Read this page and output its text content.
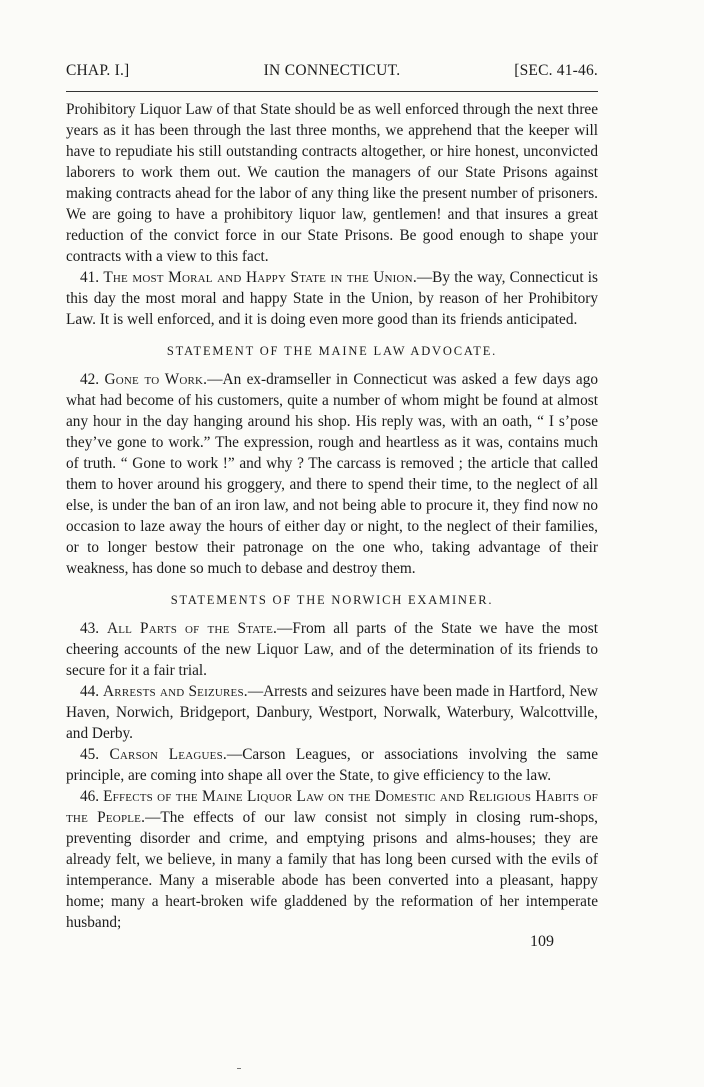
CHAP. I.]	IN CONNECTICUT.	[SEC. 41-46.

Prohibitory Liquor Law of that State should be as well enforced through the next three years as it has been through the last three months, we apprehend that the keeper will have to repudiate his still outstanding contracts altogether, or hire honest, unconvicted laborers to work them out. We caution the managers of our State Prisons against making contracts ahead for the labor of any thing like the present number of prisoners. We are going to have a prohibitory liquor law, gentlemen! and that insures a great reduction of the convict force in our State Prisons. Be good enough to shape your contracts with a view to this fact.

41. The most Moral and Happy State in the Union.—By the way, Connecticut is this day the most moral and happy State in the Union, by reason of her Prohibitory Law. It is well enforced, and it is doing even more good than its friends anticipated.

STATEMENT OF THE MAINE LAW ADVOCATE.

42. Gone to Work.—An ex-dramseller in Connecticut was asked a few days ago what had become of his customers, quite a number of whom might be found at almost any hour in the day hanging around his shop. His reply was, with an oath, “ I s’pose they’ve gone to work.” The expression, rough and heartless as it was, contains much of truth. “ Gone to work !” and why ? The carcass is removed ; the article that called them to hover around his groggery, and there to spend their time, to the neglect of all else, is under the ban of an iron law, and not being able to procure it, they find now no occasion to laze away the hours of either day or night, to the neglect of their families, or to longer bestow their patronage on the one who, taking advantage of their weakness, has done so much to debase and destroy them.

STATEMENTS OF THE NORWICH EXAMINER.

43. All Parts of the State.—From all parts of the State we have the most cheering accounts of the new Liquor Law, and of the determination of its friends to secure for it a fair trial.

44. Arrests and Seizures.—Arrests and seizures have been made in Hartford, New Haven, Norwich, Bridgeport, Danbury, Westport, Norwalk, Waterbury, Walcottville, and Derby.

45. Carson Leagues.—Carson Leagues, or associations involving the same principle, are coming into shape all over the State, to give efficiency to the law.

46. Effects of the Maine Liquor Law on the Domestic and Religious Habits of the People.—The effects of our law consist not simply in closing rum-shops, preventing disorder and crime, and emptying prisons and alms-houses; they are already felt, we believe, in many a family that has long been cursed with the evils of intemperance. Many a miserable abode has been converted into a pleasant, happy home; many a heart-broken wife gladdened by the reformation of her intemperate husband;

109
